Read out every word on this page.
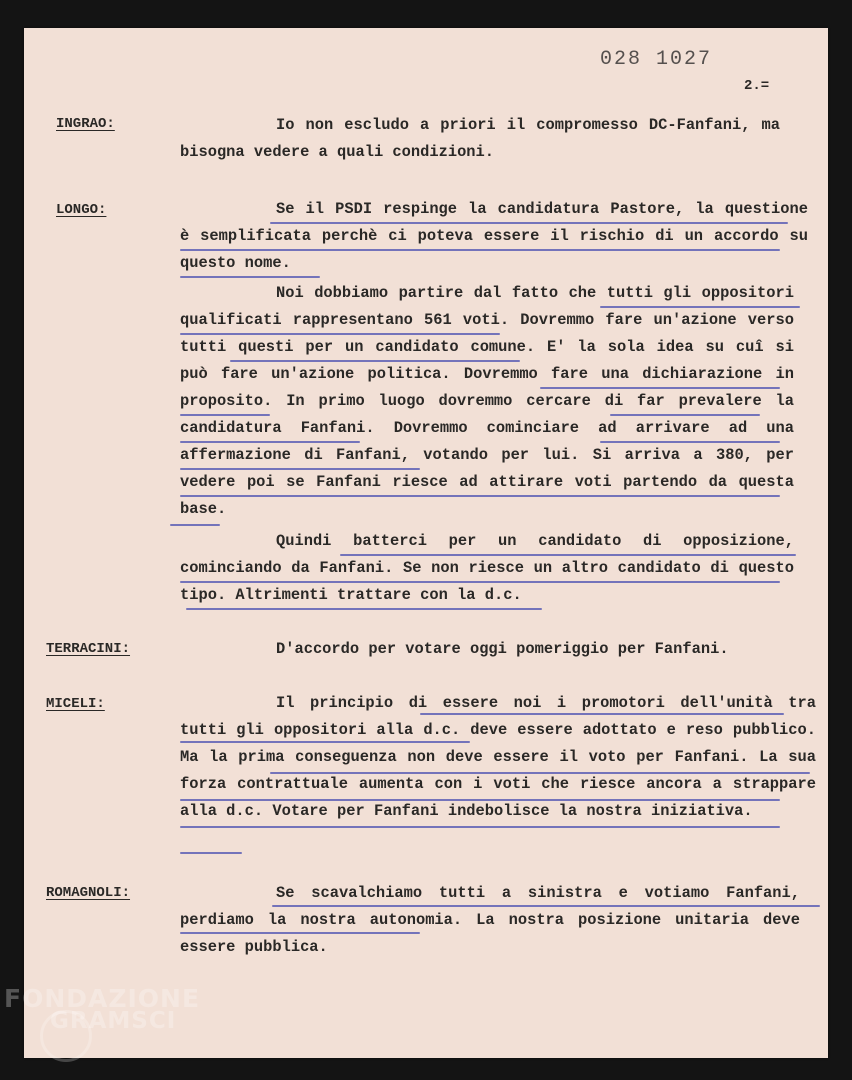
028 1027
2.=
INGRAO:	Io non escludo a priori il compromesso DC-Fanfani, ma bisogna vedere a quali condizioni.
LONGO:	Se il PSDI respinge la candidatura Pastore, la questione è semplificata perchè ci poteva essere il rischio di un accordo su questo nome.
Noi dobbiamo partire dal fatto che tutti gli oppositori qualificati rappresentano 561 voti. Dovremmo fare un'azione verso tutti questi per un candidato comune. E' la sola idea su cuî si può fare un'azione politica. Dovremmo fare una dichiarazione in proposito. In primo luogo dovremmo cercare di far prevalere la candidatura Fanfani. Dovremmo cominciare ad arrivare ad una affermazione di Fanfani, votando per lui. Si arriva a 380, per vedere poi se Fanfani riesce ad attirare voti partendo da questa base.
Quindi batterci per un candidato di opposizione, cominciando da Fanfani. Se non riesce un altro candidato di questo tipo. Altrimenti trattare con la d.c.
TERRACINI:	D'accordo per votare oggi pomeriggio per Fanfani.
MICELI:	Il principio di essere noi i promotori dell'unità tra tutti gli oppositori alla d.c. deve essere adottato e reso pubblico. Ma la prima conseguenza non deve essere il voto per Fanfani. La sua forza contrattuale aumenta con i voti che riesce ancora a strappare alla d.c. Votare per Fanfani indebolisce la nostra iniziativa.
ROMAGNOLI:	Se scavalchiamo tutti a sinistra e votiamo Fanfani, perdiamo la nostra autonomia. La nostra posizione unitaria deve essere pubblica.
FONDAZIONE
GRAMSCI
